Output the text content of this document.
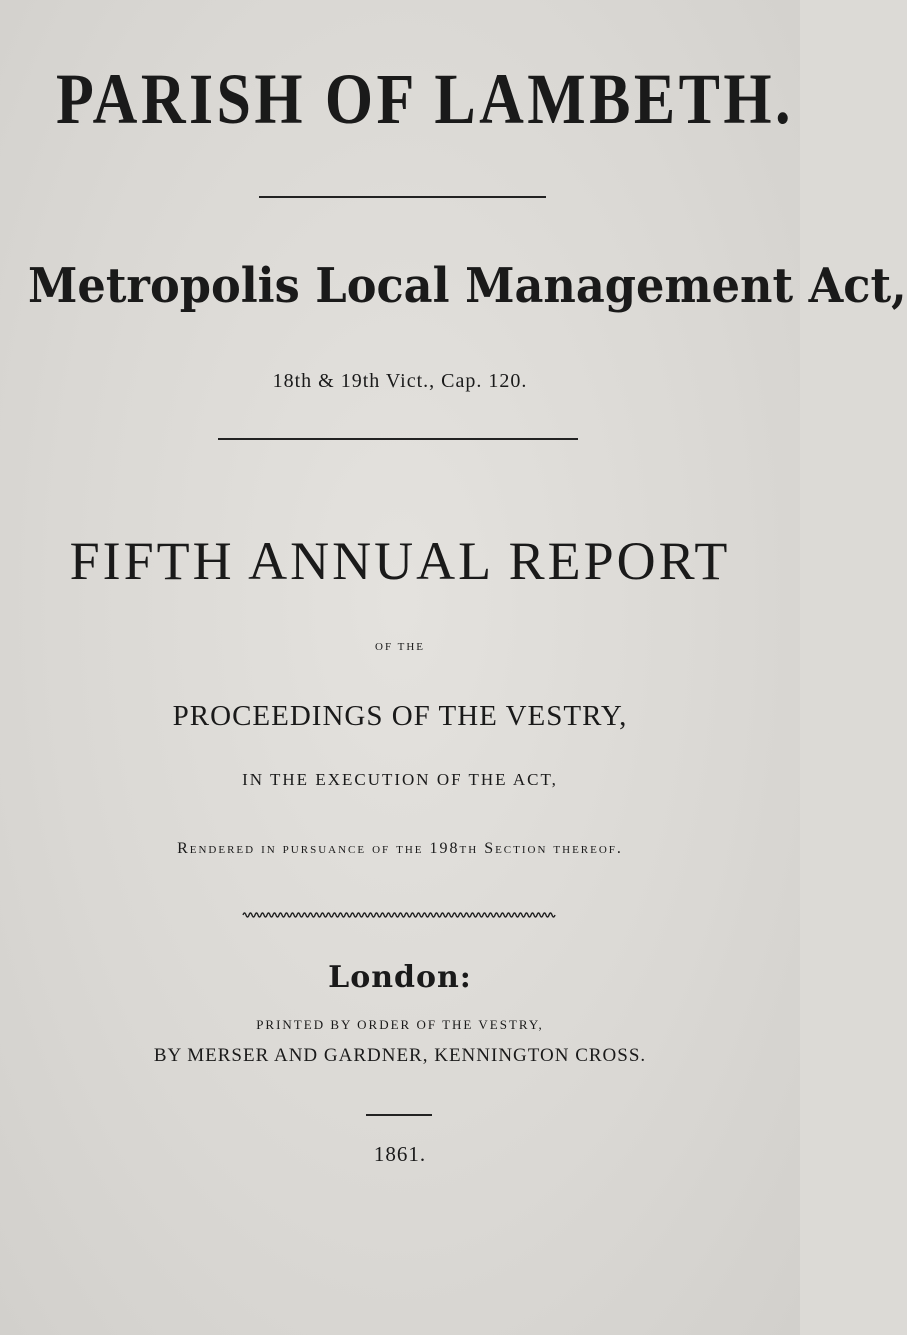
PARISH OF LAMBETH.
Metropolis Local Management Act,
18th & 19th Vict., Cap. 120.
FIFTH ANNUAL REPORT
OF THE
PROCEEDINGS OF THE VESTRY,
IN THE EXECUTION OF THE ACT,
Rendered in pursuance of the 198th Section thereof.
London:
PRINTED BY ORDER OF THE VESTRY,
BY MERSER AND GARDNER, KENNINGTON CROSS.
1861.
